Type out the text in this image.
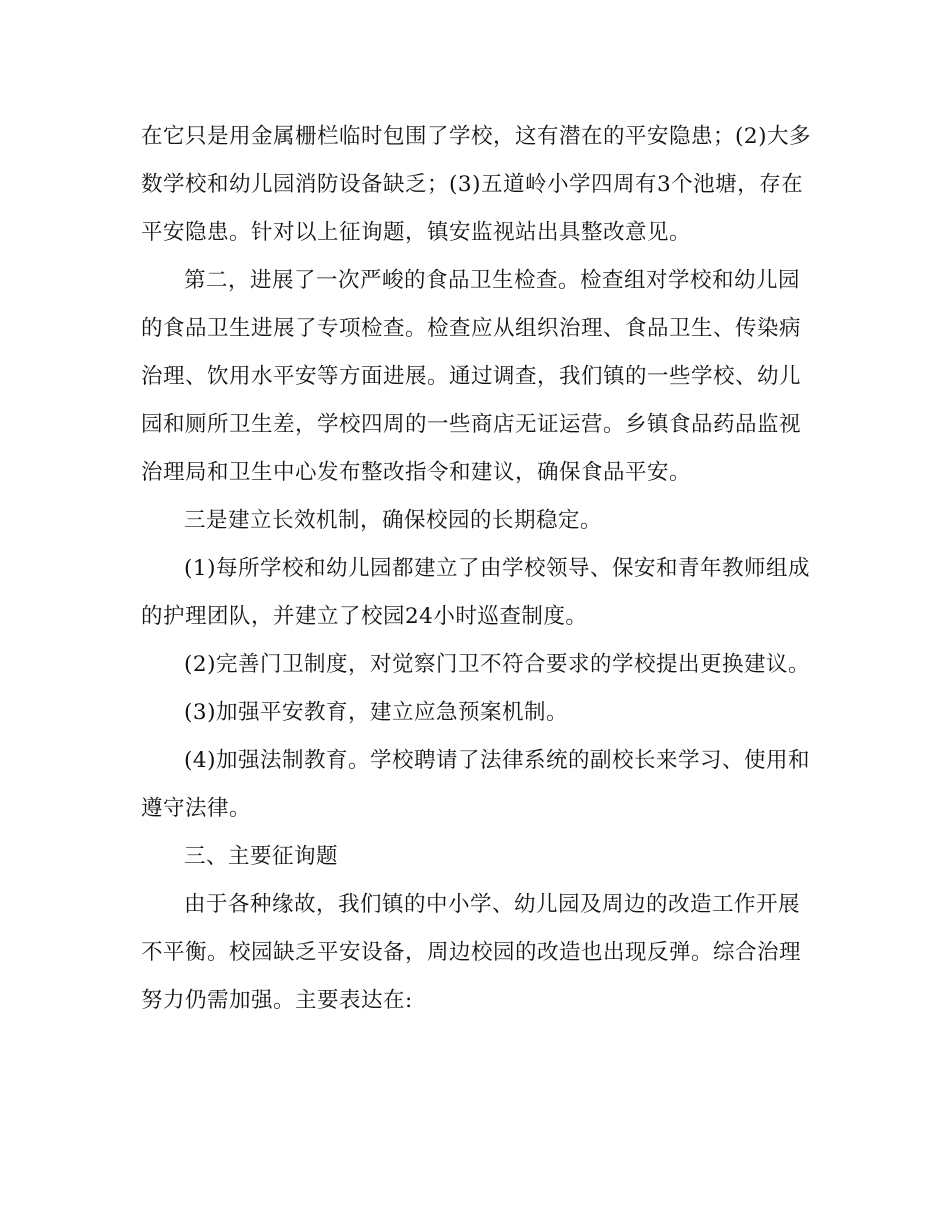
在它只是用金属栅栏临时包围了学校，这有潜在的平安隐患；(2)大多

数学校和幼儿园消防设备缺乏；(3)五道岭小学四周有3个池塘，存在

平安隐患。针对以上征询题，镇安监视站出具整改意见。

第二，进展了一次严峻的食品卫生检查。检查组对学校和幼儿园

的食品卫生进展了专项检查。检查应从组织治理、食品卫生、传染病

治理、饮用水平安等方面进展。通过调查，我们镇的一些学校、幼儿

园和厕所卫生差，学校四周的一些商店无证运营。乡镇食品药品监视

治理局和卫生中心发布整改指令和建议，确保食品平安。

三是建立长效机制，确保校园的长期稳定。

(1)每所学校和幼儿园都建立了由学校领导、保安和青年教师组成

的护理团队，并建立了校园24小时巡查制度。

(2)完善门卫制度，对觉察门卫不符合要求的学校提出更换建议。

(3)加强平安教育，建立应急预案机制。

(4)加强法制教育。学校聘请了法律系统的副校长来学习、使用和

遵守法律。

三、主要征询题

由于各种缘故，我们镇的中小学、幼儿园及周边的改造工作开展

不平衡。校园缺乏平安设备，周边校园的改造也出现反弹。综合治理

努力仍需加强。主要表达在:
